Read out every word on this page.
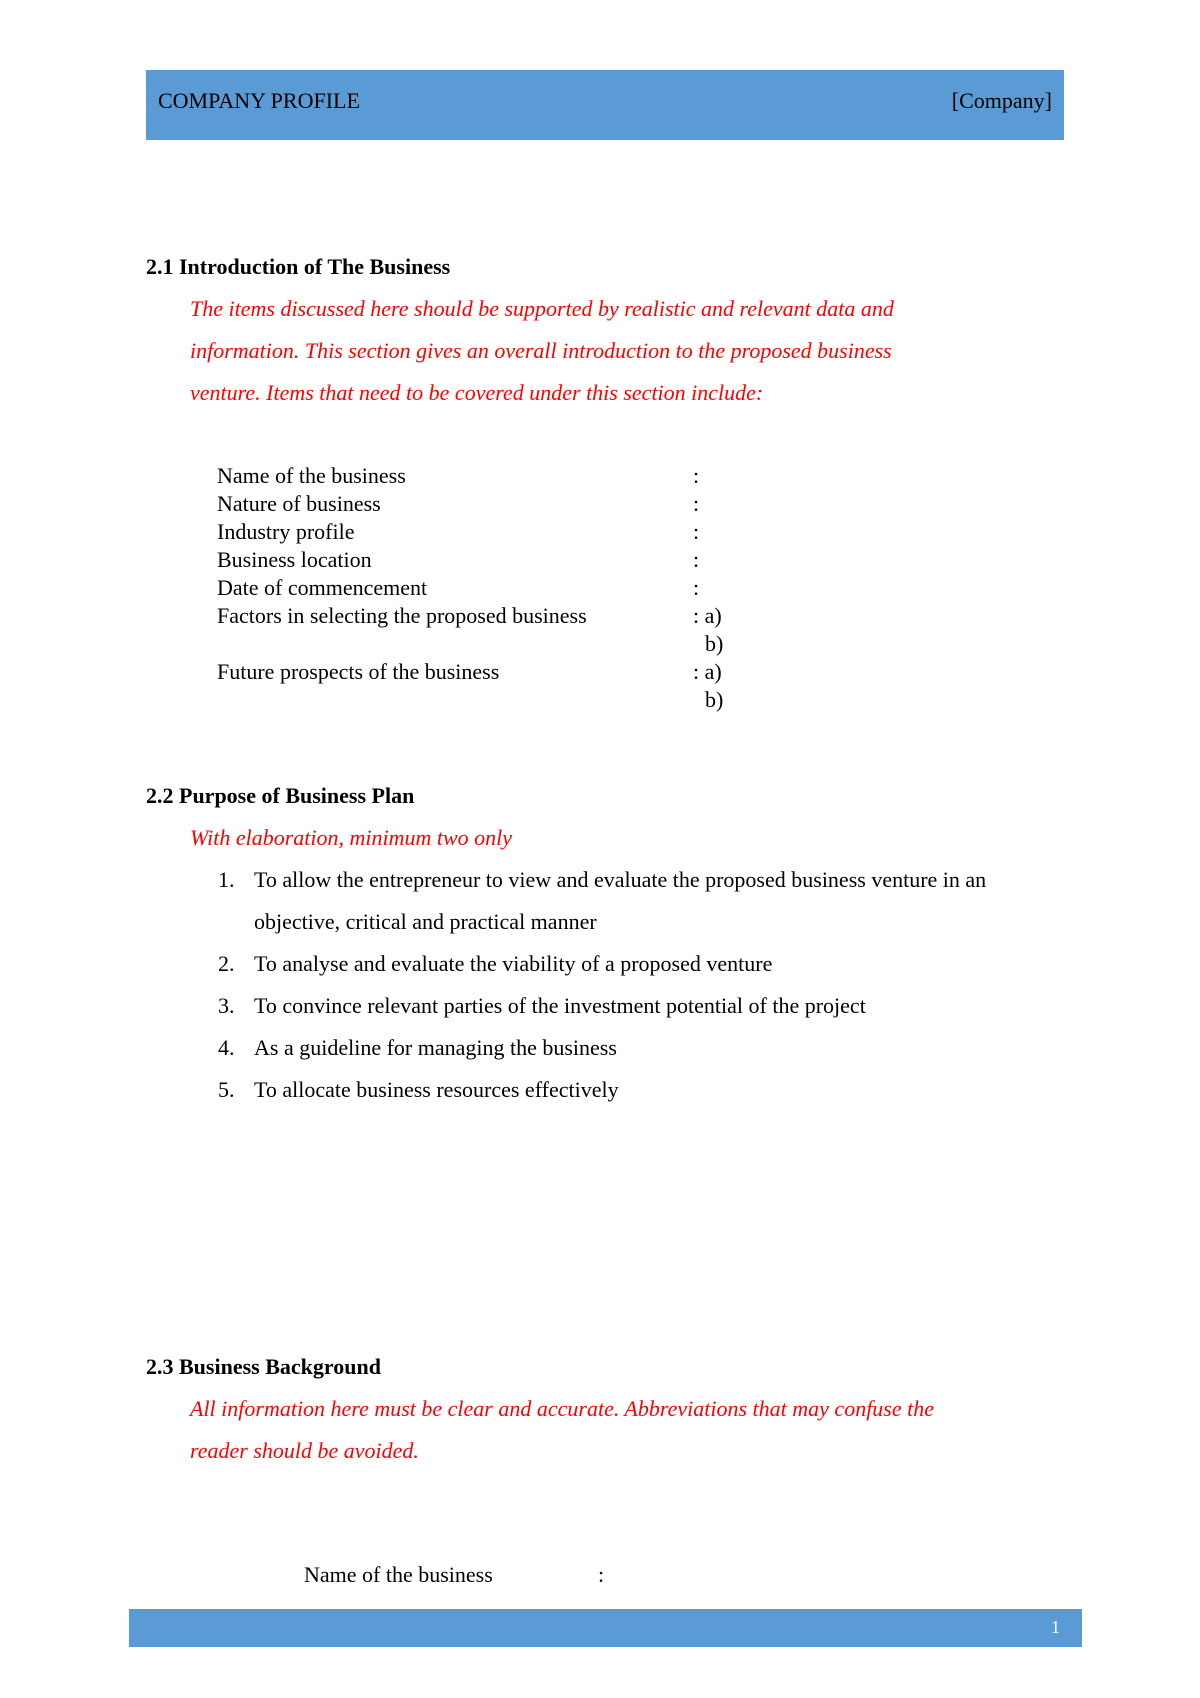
COMPANY PROFILE	[Company]
2.1 Introduction of The Business
The items discussed here should be supported by realistic and relevant data and
information. This section gives an overall introduction to the proposed business
venture. Items that need to be covered under this section include:
Name of the business	:
Nature of business	:
Industry profile	:
Business location	:
Date of commencement	:
Factors in selecting the proposed business	: a)
b)
Future prospects of the business	: a)
b)
2.2 Purpose of Business Plan
With elaboration, minimum two only
1. To allow the entrepreneur to view and evaluate the proposed business venture in an objective, critical and practical manner
2. To analyse and evaluate the viability of a proposed venture
3. To convince relevant parties of the investment potential of the project
4. As a guideline for managing the business
5. To allocate business resources effectively
2.3 Business Background
All information here must be clear and accurate. Abbreviations that may confuse the
reader should be avoided.
Name of the business	:
1
